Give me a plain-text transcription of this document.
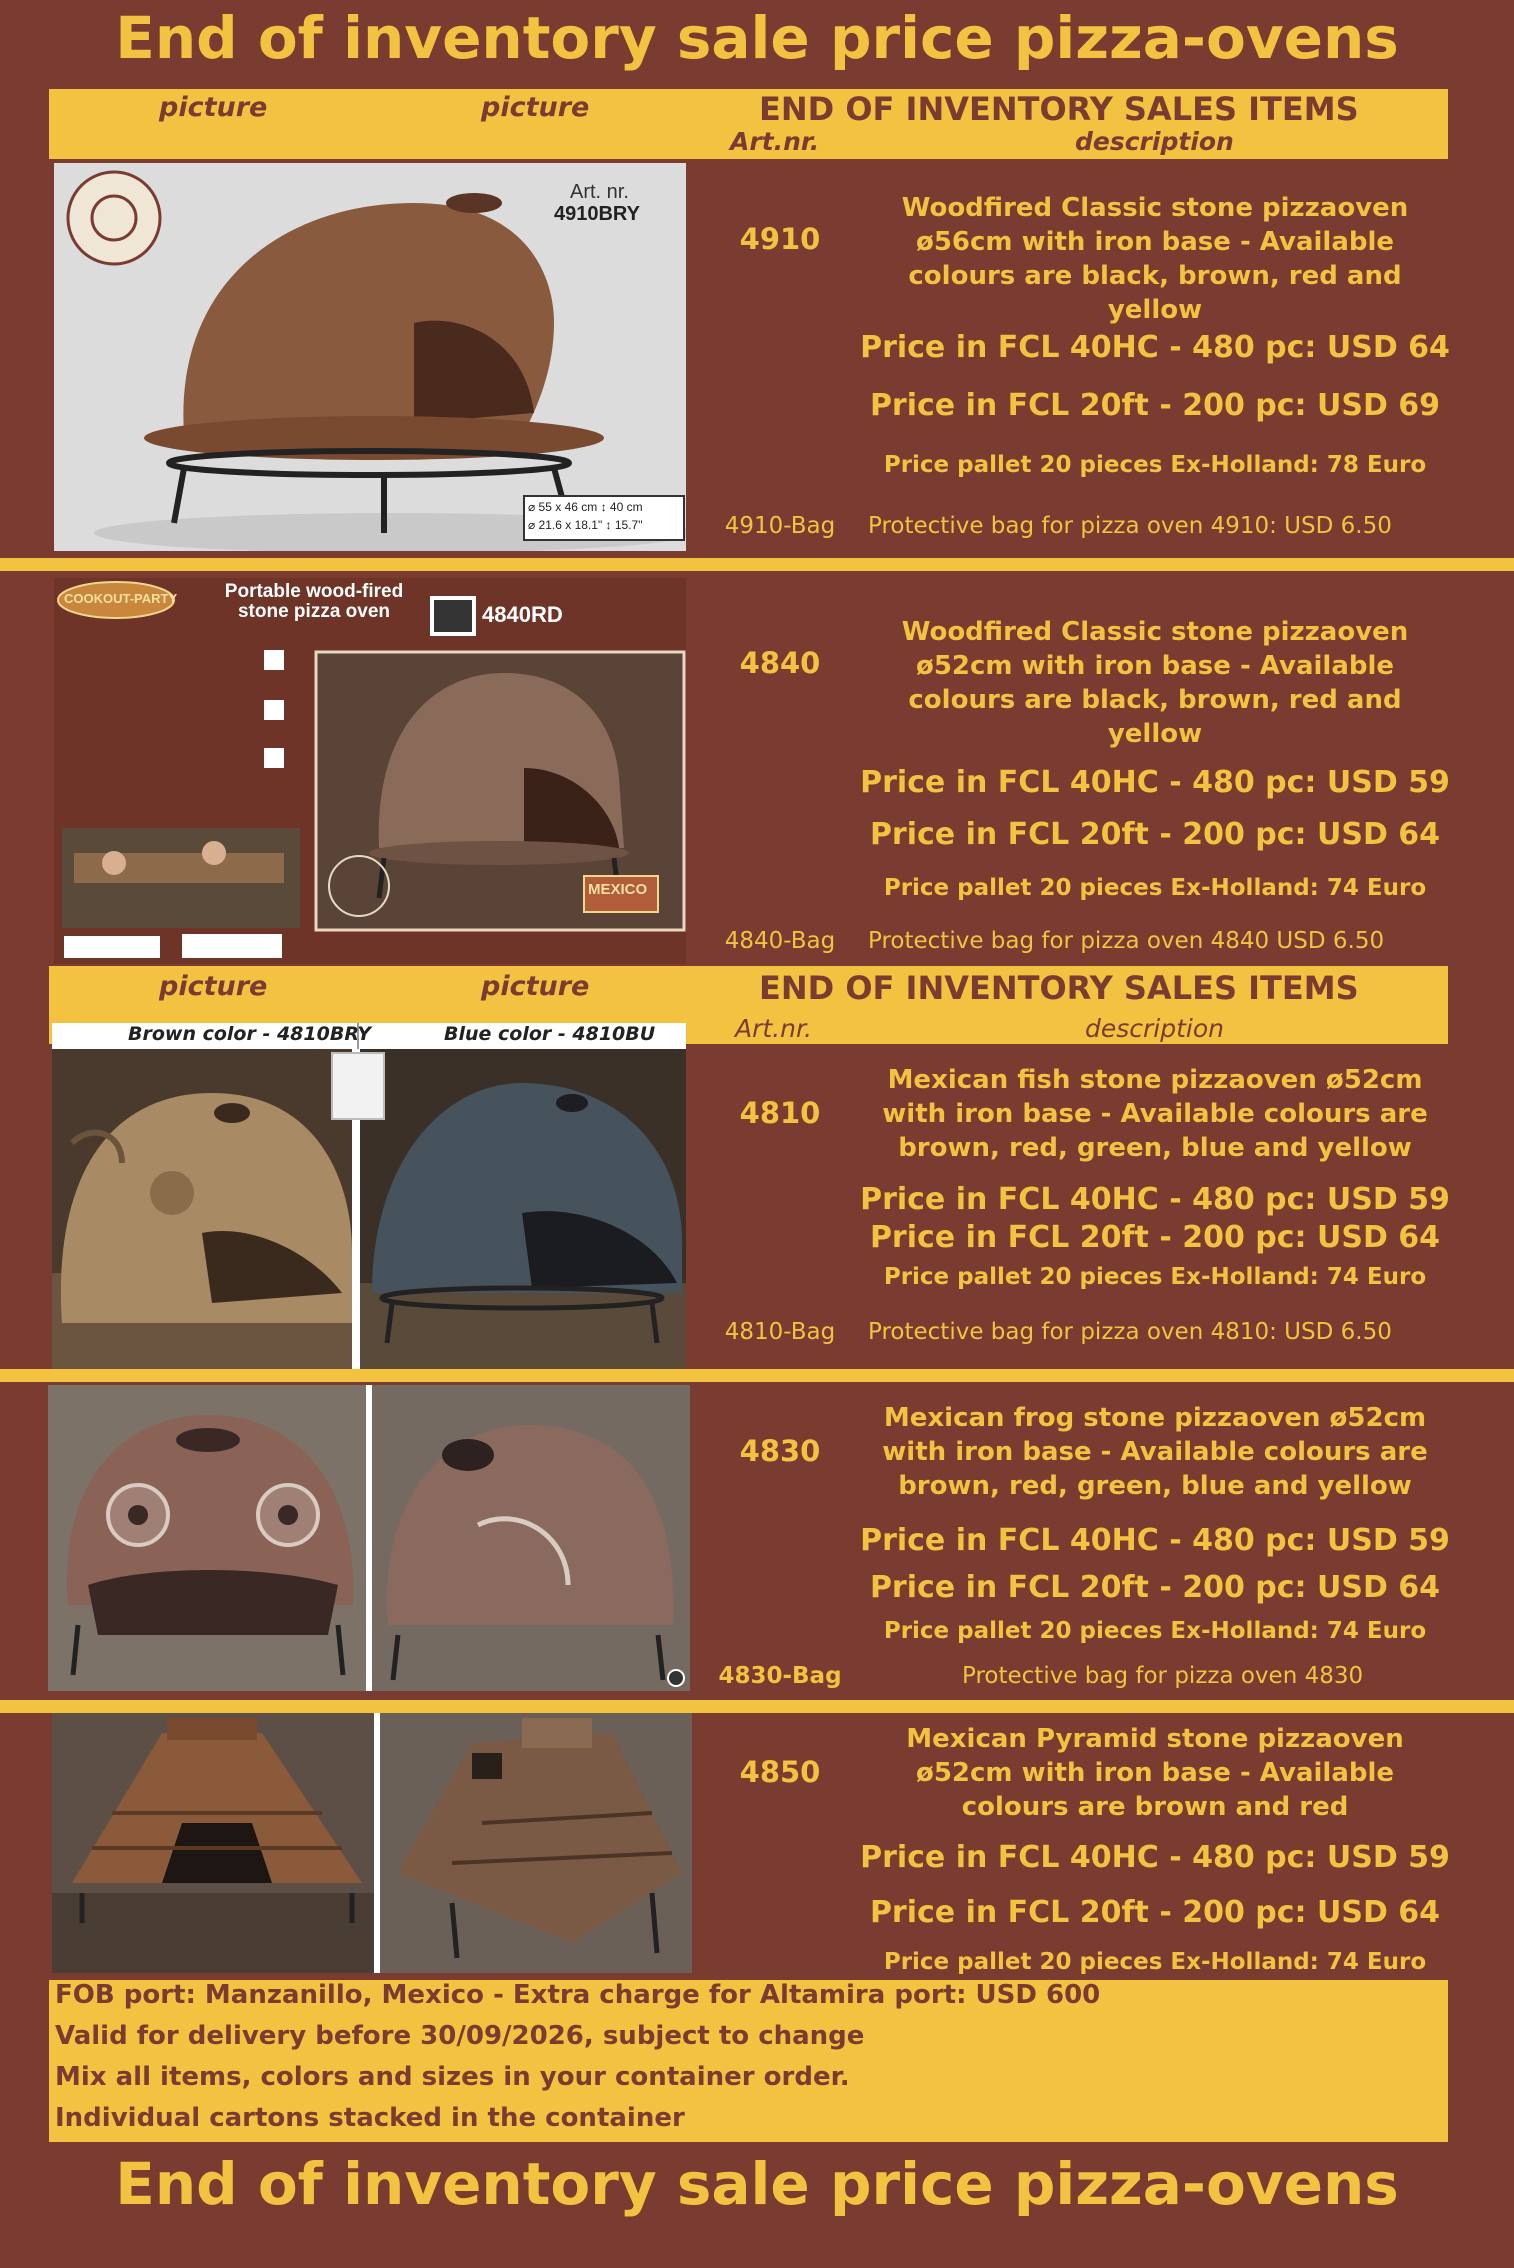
End of inventory sale price pizza-ovens
picture	picture	END OF INVENTORY SALES ITEMS
Art.nr.	description
Art. nr.
4910BRY
⌀ 55 x 46 cm ↕ 40 cm
⌀ 21.6 x 18.1" ↕ 15.7"
4910
Woodfired Classic stone pizzaoven ø56cm with iron base - Available colours are black, brown, red and yellow
Price in FCL 40HC - 480 pc: USD 64
Price in FCL 20ft - 200 pc: USD 69
Price pallet 20 pieces Ex-Holland: 78 Euro
4910-Bag	Protective bag for pizza oven 4910: USD 6.50
COOKOUT-PARTY	Portable wood-fired stone pizza oven	4840RD
MEXICO
4840
Woodfired Classic stone pizzaoven ø52cm with iron base - Available colours are black, brown, red and yellow
Price in FCL 40HC - 480 pc: USD 59
Price in FCL 20ft - 200 pc: USD 64
Price pallet 20 pieces Ex-Holland: 74 Euro
4840-Bag	Protective bag for pizza oven 4840 USD 6.50
picture	picture	END OF INVENTORY SALES ITEMS
Art.nr.	description
Brown color - 4810BRY	Blue color - 4810BU
4810
Mexican fish stone pizzaoven ø52cm with iron base - Available colours are brown, red, green, blue and yellow
Price in FCL 40HC - 480 pc: USD 59
Price in FCL 20ft - 200 pc: USD 64
Price pallet 20 pieces Ex-Holland: 74 Euro
4810-Bag	Protective bag for pizza oven 4810: USD 6.50
4830
Mexican frog stone pizzaoven ø52cm with iron base - Available colours are brown, red, green, blue and yellow
Price in FCL 40HC - 480 pc: USD 59
Price in FCL 20ft - 200 pc: USD 64
Price pallet 20 pieces Ex-Holland: 74 Euro
4830-Bag	Protective bag for pizza oven 4830
4850
Mexican Pyramid stone pizzaoven ø52cm with iron base - Available colours are brown and red
Price in FCL 40HC - 480 pc: USD 59
Price in FCL 20ft - 200 pc: USD 64
Price pallet 20 pieces Ex-Holland: 74 Euro
FOB port: Manzanillo, Mexico - Extra charge for Altamira port: USD 600
Valid for delivery before 30/09/2026, subject to change
Mix all items, colors and sizes in your container order.
Individual cartons stacked in the container
End of inventory sale price pizza-ovens
